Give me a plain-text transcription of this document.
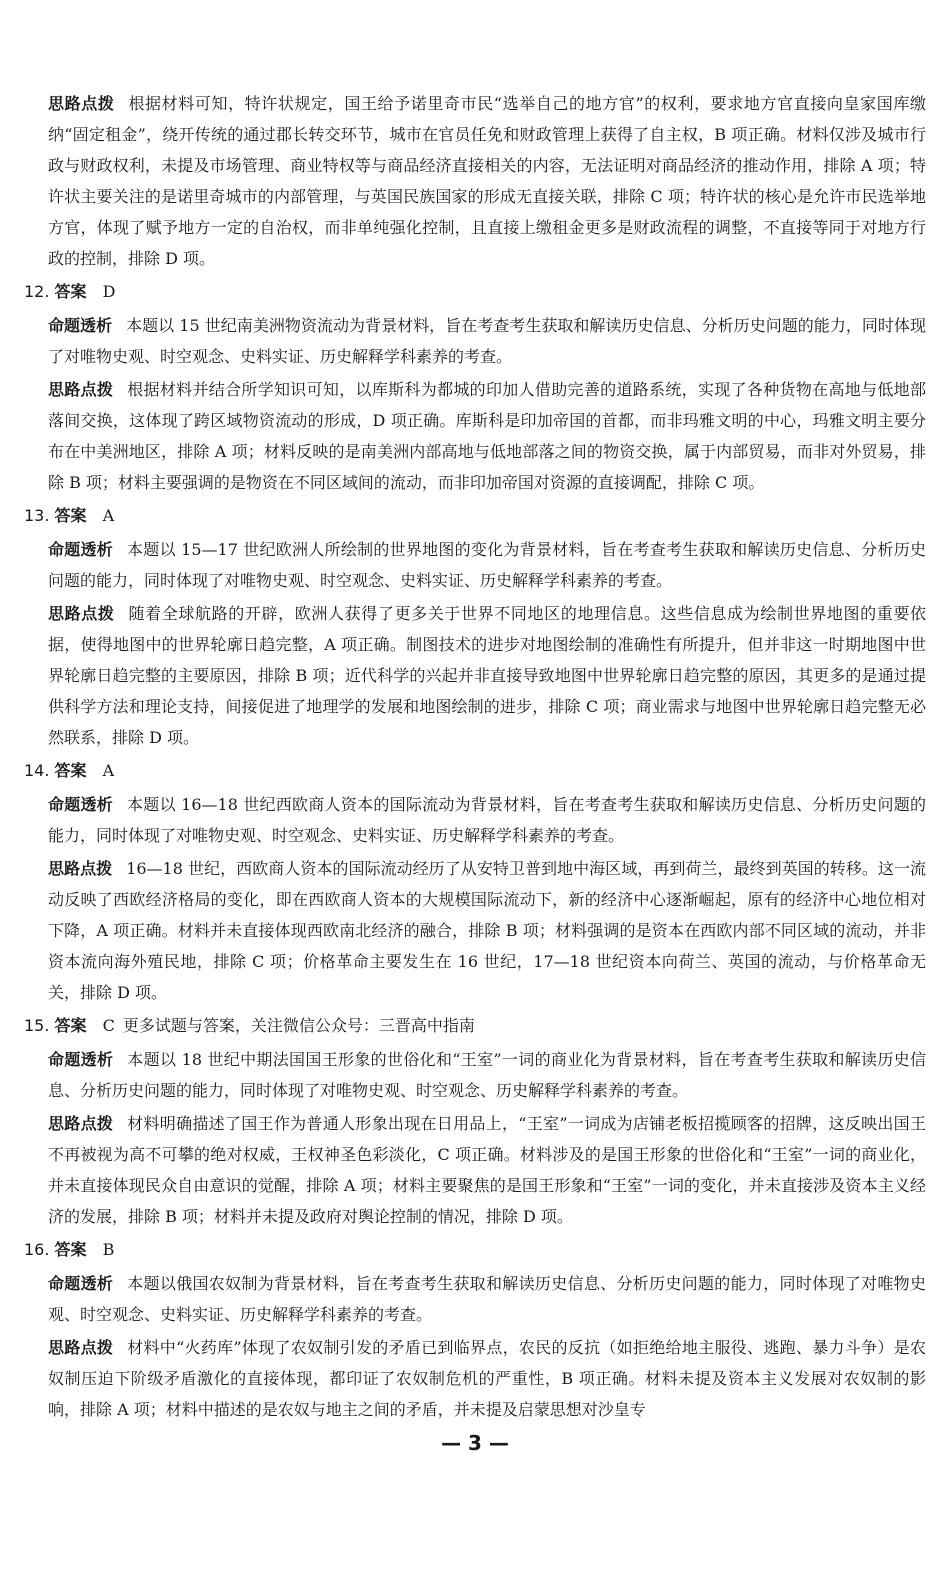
思路点拨 根据材料可知，特许状规定，国王给予诺里奇市民“选举自己的地方官”的权利，要求地方官直接向皇家国库缴纳“固定租金”，绕开传统的通过郡长转交环节，城市在官员任免和财政管理上获得了自主权，B 项正确。材料仅涉及城市行政与财政权利，未提及市场管理、商业特权等与商品经济直接相关的内容，无法证明对商品经济的推动作用，排除 A 项；特许状主要关注的是诺里奇城市的内部管理，与英国民族国家的形成无直接关联，排除 C 项；特许状的核心是允许市民选举地方官，体现了赋予地方一定的自治权，而非单纯强化控制，且直接上缴租金更多是财政流程的调整，不直接等同于对地方行政的控制，排除 D 项。

12. 答案 D

命题透析 本题以 15 世纪南美洲物资流动为背景材料，旨在考查考生获取和解读历史信息、分析历史问题的能力，同时体现了对唯物史观、时空观念、史料实证、历史解释学科素养的考查。

思路点拨 根据材料并结合所学知识可知，以库斯科为都城的印加人借助完善的道路系统，实现了各种货物在高地与低地部落间交换，这体现了跨区域物资流动的形成，D 项正确。库斯科是印加帝国的首都，而非玛雅文明的中心，玛雅文明主要分布在中美洲地区，排除 A 项；材料反映的是南美洲内部高地与低地部落之间的物资交换，属于内部贸易，而非对外贸易，排除 B 项；材料主要强调的是物资在不同区域间的流动，而非印加帝国对资源的直接调配，排除 C 项。

13. 答案 A

命题透析 本题以 15—17 世纪欧洲人所绘制的世界地图的变化为背景材料，旨在考查考生获取和解读历史信息、分析历史问题的能力，同时体现了对唯物史观、时空观念、史料实证、历史解释学科素养的考查。

思路点拨 随着全球航路的开辟，欧洲人获得了更多关于世界不同地区的地理信息。这些信息成为绘制世界地图的重要依据，使得地图中的世界轮廓日趋完整，A 项正确。制图技术的进步对地图绘制的准确性有所提升，但并非这一时期地图中世界轮廓日趋完整的主要原因，排除 B 项；近代科学的兴起并非直接导致地图中世界轮廓日趋完整的原因，其更多的是通过提供科学方法和理论支持，间接促进了地理学的发展和地图绘制的进步，排除 C 项；商业需求与地图中世界轮廓日趋完整无必然联系，排除 D 项。

14. 答案 A

命题透析 本题以 16—18 世纪西欧商人资本的国际流动为背景材料，旨在考查考生获取和解读历史信息、分析历史问题的能力，同时体现了对唯物史观、时空观念、史料实证、历史解释学科素养的考查。

思路点拨 16—18 世纪，西欧商人资本的国际流动经历了从安特卫普到地中海区域，再到荷兰，最终到英国的转移。这一流动反映了西欧经济格局的变化，即在西欧商人资本的大规模国际流动下，新的经济中心逐渐崛起，原有的经济中心地位相对下降，A 项正确。材料并未直接体现西欧南北经济的融合，排除 B 项；材料强调的是资本在西欧内部不同区域的流动，并非资本流向海外殖民地，排除 C 项；价格革命主要发生在 16 世纪，17—18 世纪资本向荷兰、英国的流动，与价格革命无关，排除 D 项。

15. 答案 C 更多试题与答案，关注微信公众号：三晋高中指南

命题透析 本题以 18 世纪中期法国国王形象的世俗化和“王室”一词的商业化为背景材料，旨在考查考生获取和解读历史信息、分析历史问题的能力，同时体现了对唯物史观、时空观念、历史解释学科素养的考查。

思路点拨 材料明确描述了国王作为普通人形象出现在日用品上，“王室”一词成为店铺老板招揽顾客的招牌，这反映出国王不再被视为高不可攀的绝对权威，王权神圣色彩淡化，C 项正确。材料涉及的是国王形象的世俗化和“王室”一词的商业化，并未直接体现民众自由意识的觉醒，排除 A 项；材料主要聚焦的是国王形象和“王室”一词的变化，并未直接涉及资本主义经济的发展，排除 B 项；材料并未提及政府对舆论控制的情况，排除 D 项。

16. 答案 B

命题透析 本题以俄国农奴制为背景材料，旨在考查考生获取和解读历史信息、分析历史问题的能力，同时体现了对唯物史观、时空观念、史料实证、历史解释学科素养的考查。

思路点拨 材料中“火药库”体现了农奴制引发的矛盾已到临界点，农民的反抗（如拒绝给地主服役、逃跑、暴力斗争）是农奴制压迫下阶级矛盾激化的直接体现，都印证了农奴制危机的严重性，B 项正确。材料未提及资本主义发展对农奴制的影响，排除 A 项；材料中描述的是农奴与地主之间的矛盾，并未提及启蒙思想对沙皇专

— 3 —
